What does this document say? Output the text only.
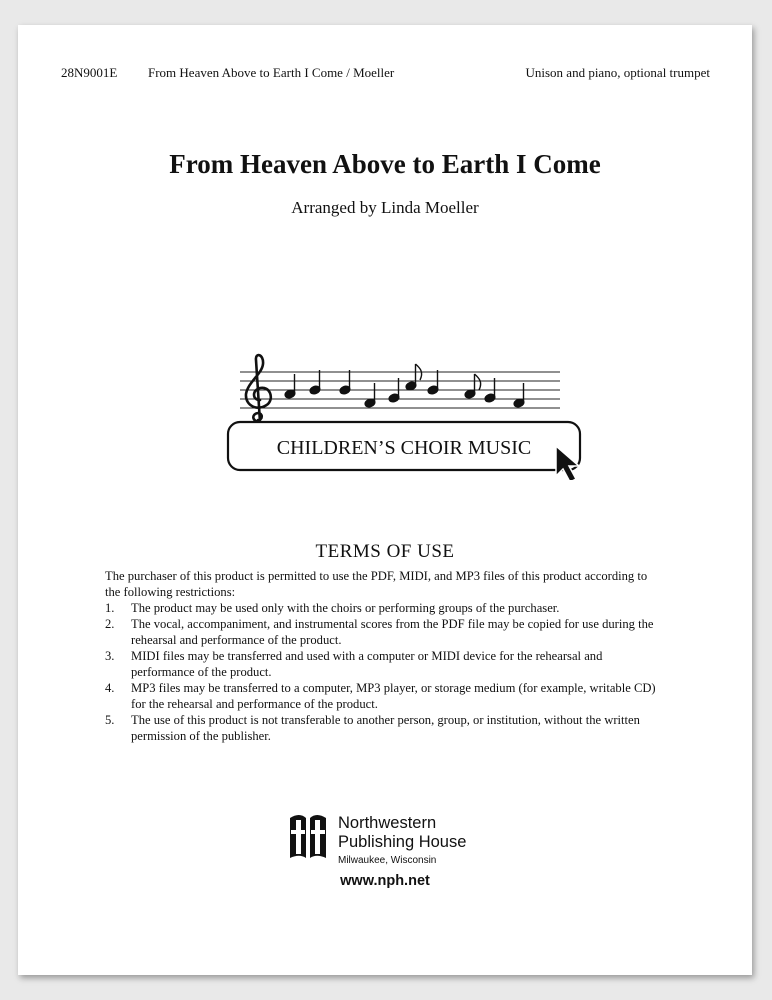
28N9001E From Heaven Above to Earth I Come / Moeller	Unison and piano, optional trumpet
From Heaven Above to Earth I Come
Arranged by Linda Moeller
CHILDREN’S CHOIR MUSIC
TERMS OF USE

The purchaser of this product is permitted to use the PDF, MIDI, and MP3 files of this product according to the following restrictions:

1. The product may be used only with the choirs or performing groups of the purchaser.
2. The vocal, accompaniment, and instrumental scores from the PDF file may be copied for use during the rehearsal and performance of the product.
3. MIDI files may be transferred and used with a computer or MIDI device for the rehearsal and performance of the product.
4. MP3 files may be transferred to a computer, MP3 player, or storage medium (for example, writable CD) for the rehearsal and performance of the product.
5. The use of this product is not transferable to another person, group, or institution, without the written permission of the publisher.
Northwestern
Publishing House
Milwaukee, Wisconsin
www.nph.net
